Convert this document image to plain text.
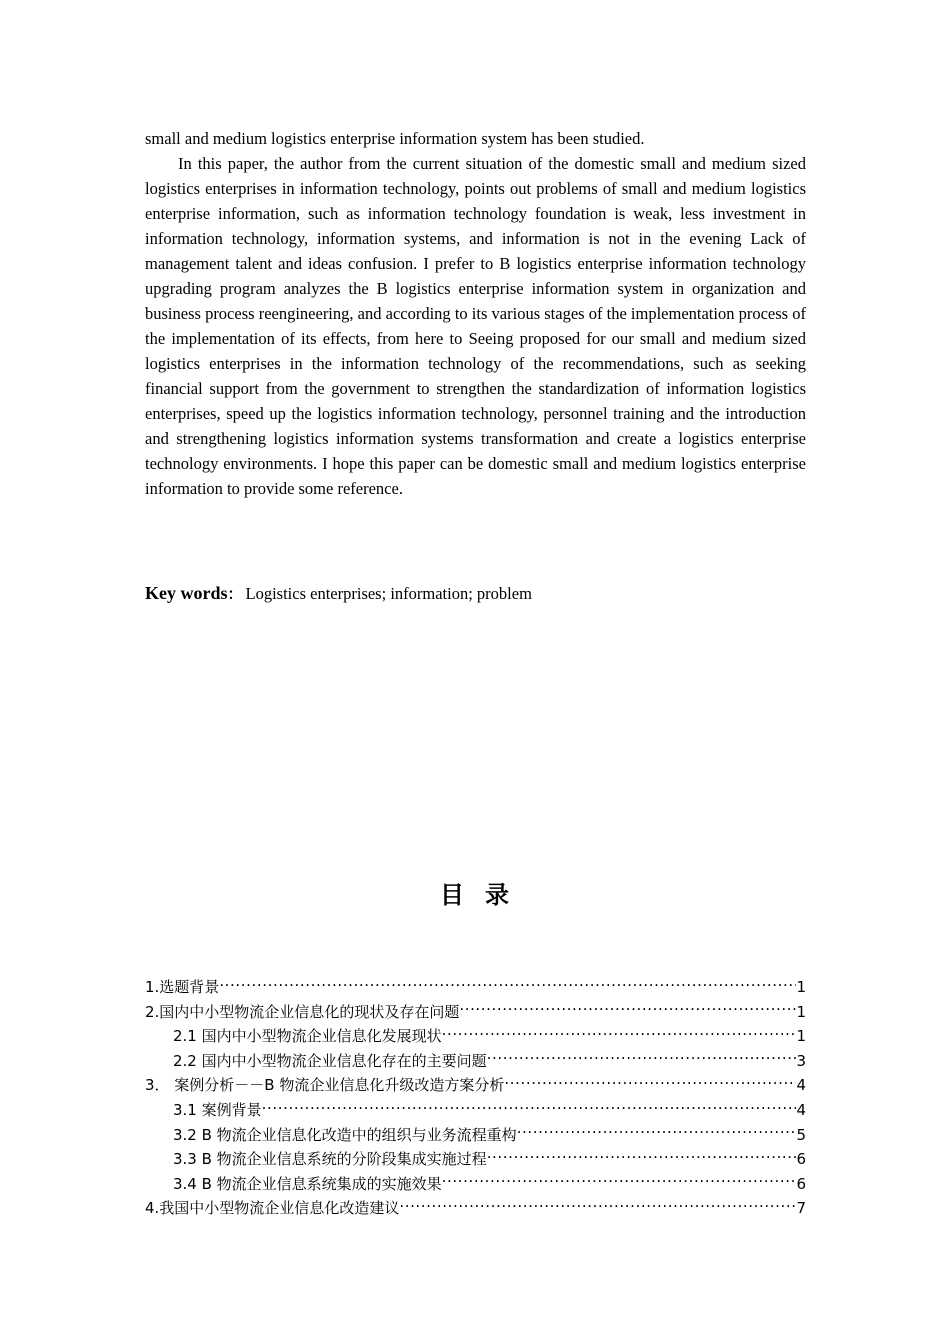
small and medium logistics enterprise information system has been studied.

In this paper, the author from the current situation of the domestic small and medium sized logistics enterprises in information technology, points out problems of small and medium logistics enterprise information, such as information technology foundation is weak, less investment in information technology, information systems, and information is not in the evening Lack of management talent and ideas confusion. I prefer to B logistics enterprise information technology upgrading program analyzes the B logistics enterprise information system in organization and business process reengineering, and according to its various stages of the implementation process of the implementation of its effects, from here to Seeing proposed for our small and medium sized logistics enterprises in the information technology of the recommendations, such as seeking financial support from the government to strengthen the standardization of information logistics enterprises, speed up the logistics information technology, personnel training and the introduction and strengthening logistics information systems transformation and create a logistics enterprise technology environments. I hope this paper can be domestic small and medium logistics enterprise information to provide some reference.

Key words： Logistics enterprises; information; problem
目 录
1.选题背景 .....	1
2.国内中小型物流企业信息化的现状及存在问题 .....	1
2.1 国内中小型物流企业信息化发展现状 .....	1
2.2 国内中小型物流企业信息化存在的主要问题 .....	3
3． 案例分析－－B 物流企业信息化升级改造方案分析 .....	4
3.1 案例背景 .....	4
3.2 B 物流企业信息化改造中的组织与业务流程重构 .....	5
3.3 B 物流企业信息系统的分阶段集成实施过程 .....	6
3.4 B 物流企业信息系统集成的实施效果 .....	6
4.我国中小型物流企业信息化改造建议 .....	7
